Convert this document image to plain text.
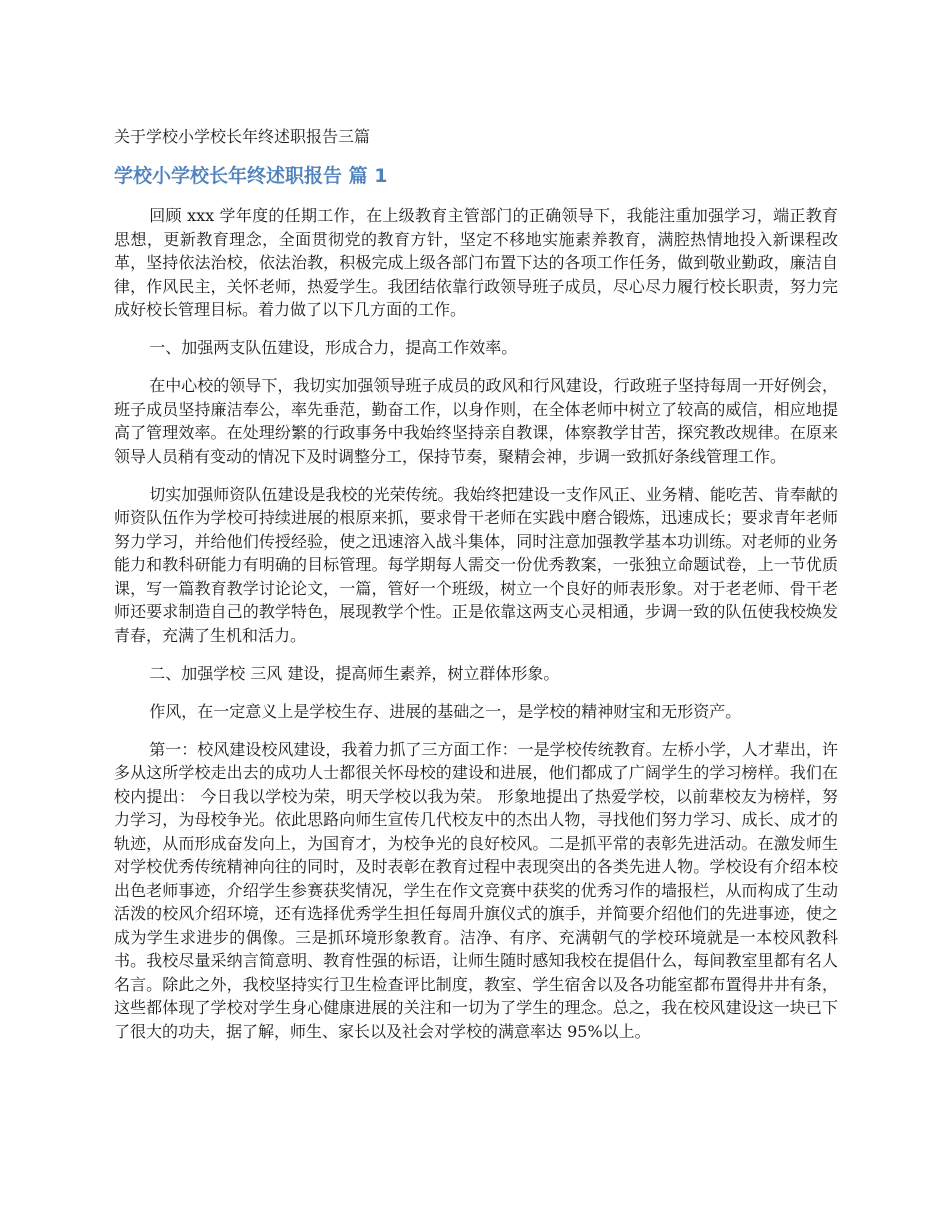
关于学校小学校长年终述职报告三篇
学校小学校长年终述职报告 篇 1

回顾 xxx 学年度的任期工作，在上级教育主管部门的正确领导下，我能注重加强学习，端正教育思想，更新教育理念，全面贯彻党的教育方针，坚定不移地实施素养教育，满腔热情地投入新课程改革，坚持依法治校，依法治教，积极完成上级各部门布置下达的各项工作任务，做到敬业勤政，廉洁自律，作风民主，关怀老师，热爱学生。我团结依靠行政领导班子成员，尽心尽力履行校长职责，努力完成好校长管理目标。着力做了以下几方面的工作。

一、加强两支队伍建设，形成合力，提高工作效率。

在中心校的领导下，我切实加强领导班子成员的政风和行风建设，行政班子坚持每周一开好例会，班子成员坚持廉洁奉公，率先垂范，勤奋工作，以身作则，在全体老师中树立了较高的威信，相应地提高了管理效率。在处理纷繁的行政事务中我始终坚持亲自教课，体察教学甘苦，探究教改规律。在原来领导人员稍有变动的情况下及时调整分工，保持节奏，聚精会神，步调一致抓好条线管理工作。

切实加强师资队伍建设是我校的光荣传统。我始终把建设一支作风正、业务精、能吃苦、肯奉献的师资队伍作为学校可持续进展的根原来抓，要求骨干老师在实践中磨合锻炼，迅速成长；要求青年老师努力学习，并给他们传授经验，使之迅速溶入战斗集体，同时注意加强教学基本功训练。对老师的业务能力和教科研能力有明确的目标管理。每学期每人需交一份优秀教案，一张独立命题试卷，上一节优质课，写一篇教育教学讨论论文，一篇，管好一个班级，树立一个良好的师表形象。对于老老师、骨干老师还要求制造自己的教学特色，展现教学个性。正是依靠这两支心灵相通，步调一致的队伍使我校焕发青春，充满了生机和活力。

二、加强学校 三风 建设，提高师生素养，树立群体形象。

作风，在一定意义上是学校生存、进展的基础之一，是学校的精神财宝和无形资产。

第一：校风建设校风建设，我着力抓了三方面工作：一是学校传统教育。左桥小学，人才辈出，许多从这所学校走出去的成功人士都很关怀母校的建设和进展，他们都成了广阔学生的学习榜样。我们在校内提出： 今日我以学校为荣，明天学校以我为荣。 形象地提出了热爱学校，以前辈校友为榜样，努力学习，为母校争光。依此思路向师生宣传几代校友中的杰出人物，寻找他们努力学习、成长、成才的轨迹，从而形成奋发向上，为国育才，为校争光的良好校风。二是抓平常的表彰先进活动。在激发师生对学校优秀传统精神向往的同时，及时表彰在教育过程中表现突出的各类先进人物。学校设有介绍本校出色老师事迹，介绍学生参赛获奖情况，学生在作文竞赛中获奖的优秀习作的墙报栏，从而构成了生动活泼的校风介绍环境，还有选择优秀学生担任每周升旗仪式的旗手，并简要介绍他们的先进事迹，使之成为学生求进步的偶像。三是抓环境形象教育。洁净、有序、充满朝气的学校环境就是一本校风教科书。我校尽量采纳言简意明、教育性强的标语，让师生随时感知我校在提倡什么，每间教室里都有名人名言。除此之外，我校坚持实行卫生检查评比制度，教室、学生宿舍以及各功能室都布置得井井有条，这些都体现了学校对学生身心健康进展的关注和一切为了学生的理念。总之，我在校风建设这一块已下了很大的功夫，据了解，师生、家长以及社会对学校的满意率达 95%以上。
